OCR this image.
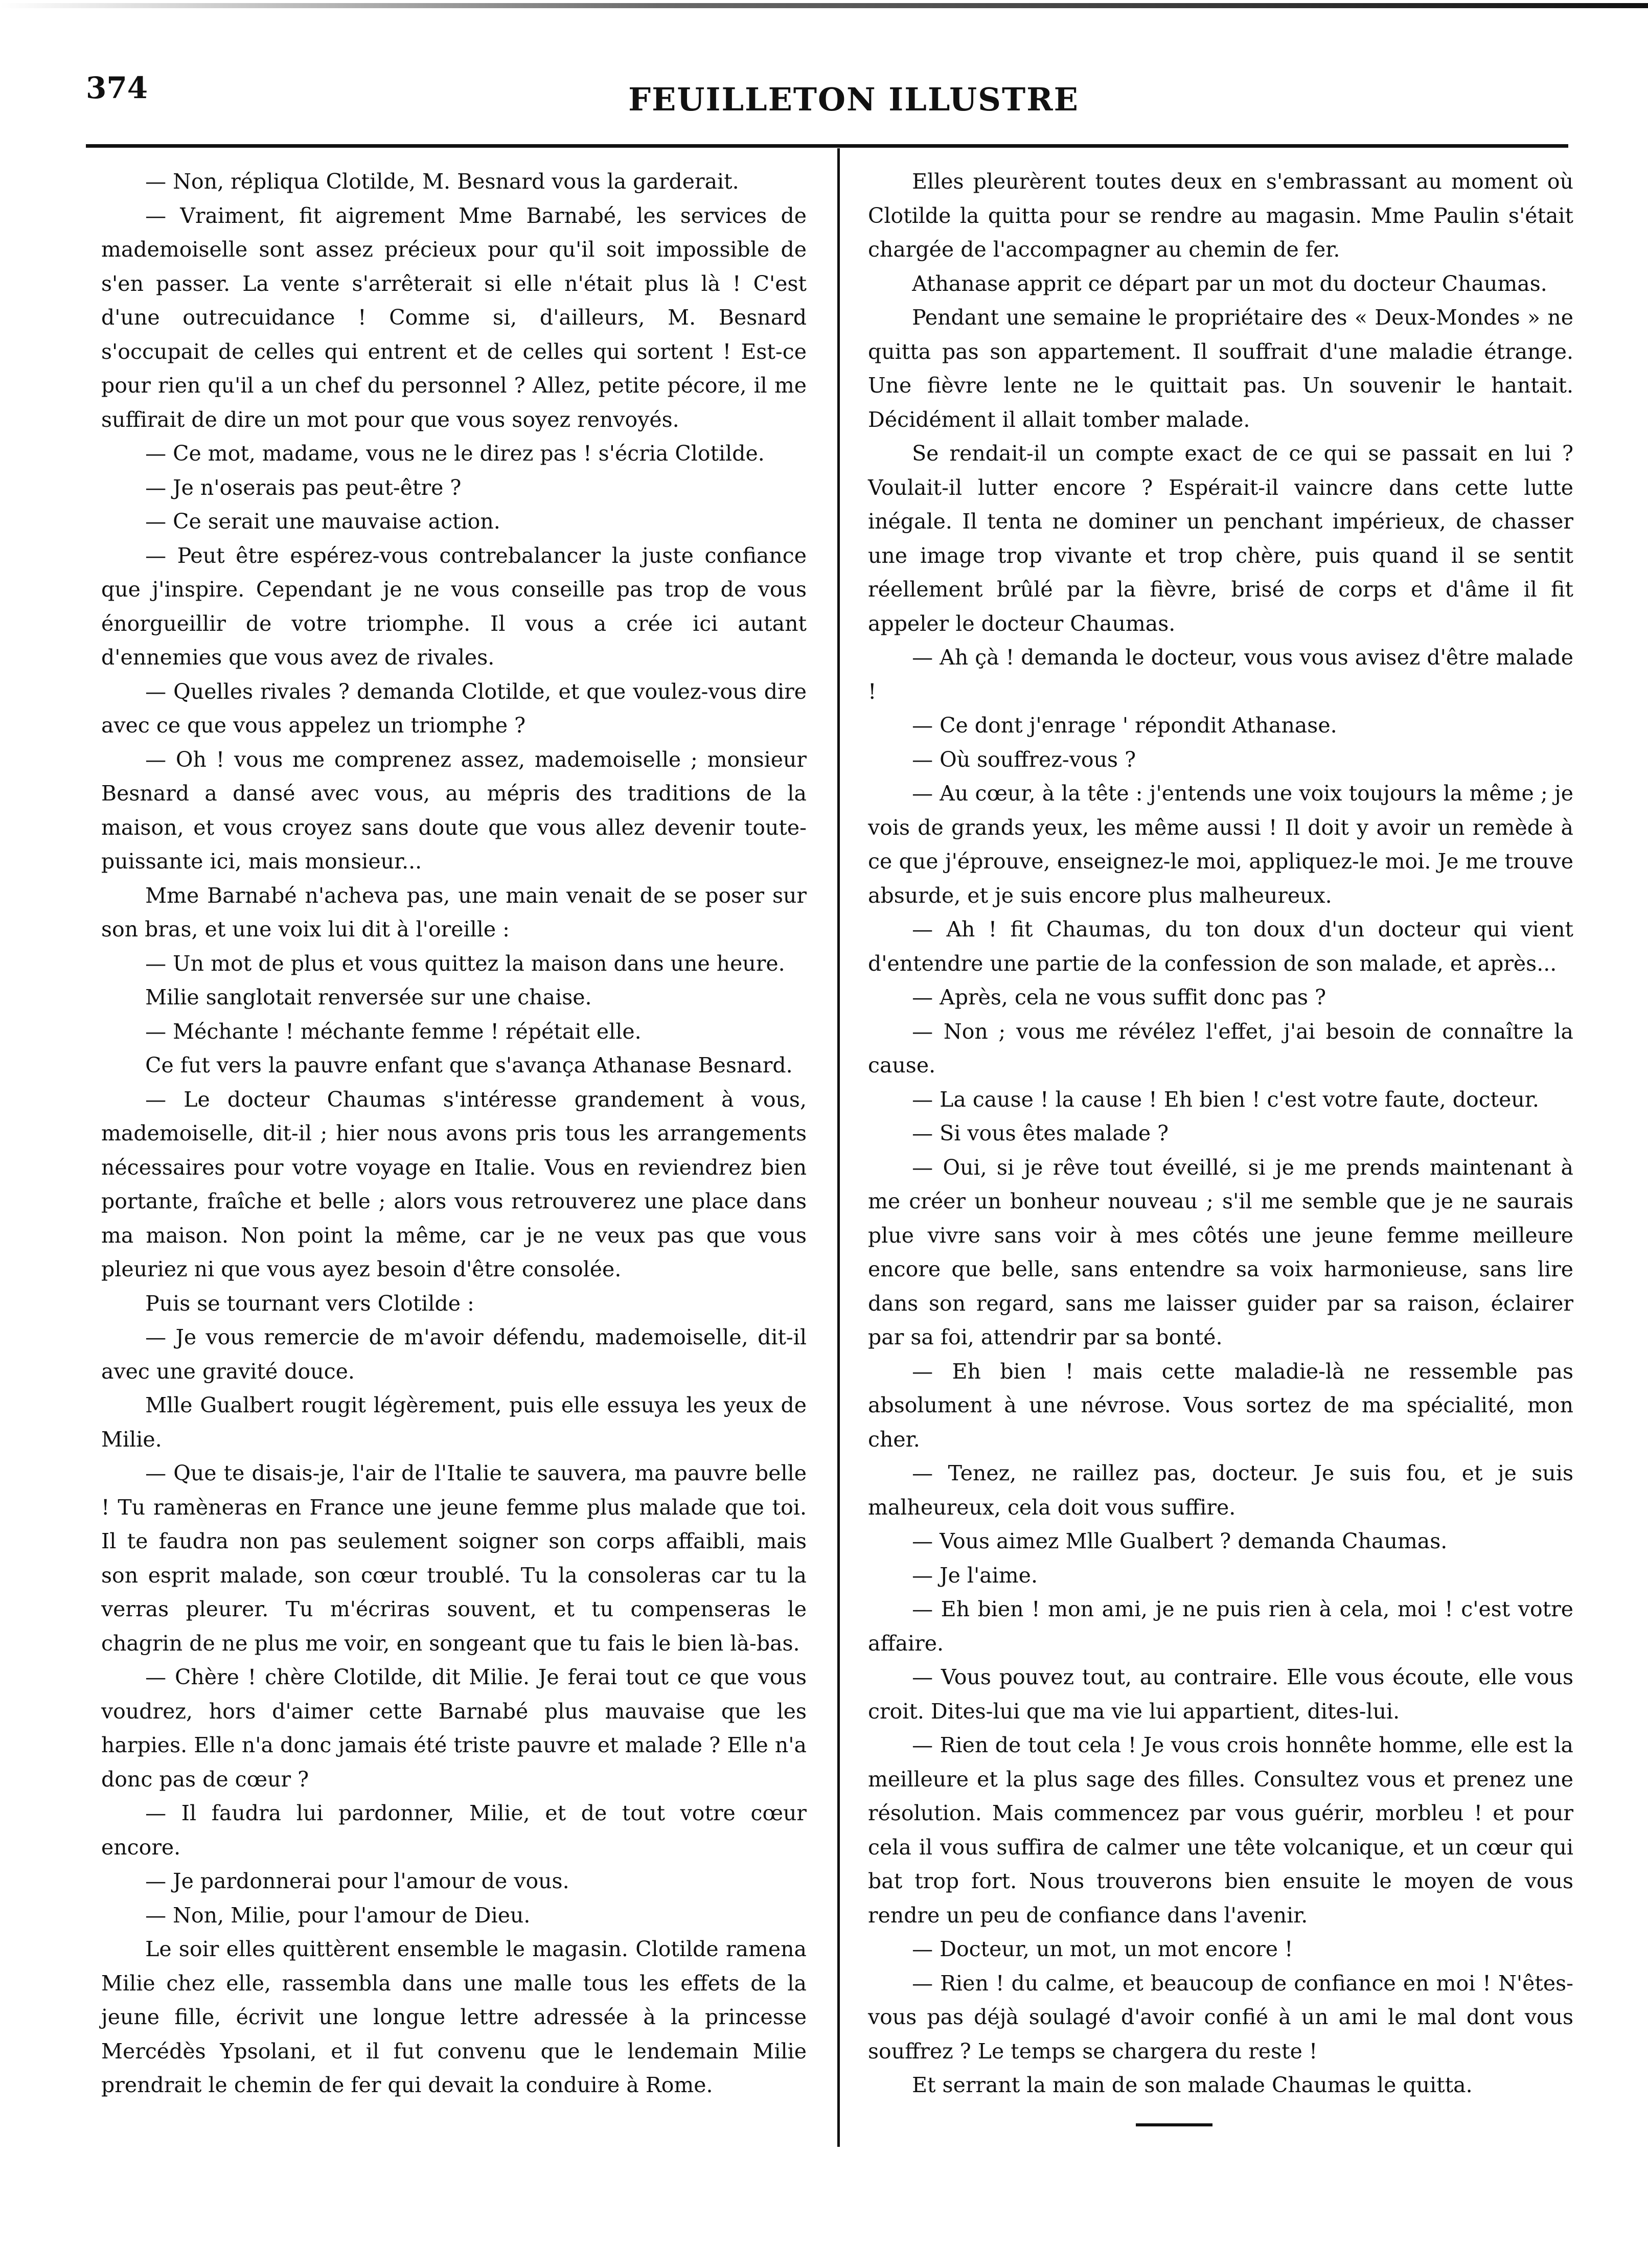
374	FEUILLETON ILLUSTRE

— Non, répliqua Clotilde, M. Besnard vous la garderait.

— Vraiment, fit aigrement Mme Barnabé, les services de mademoiselle sont assez précieux pour qu'il soit impossible de s'en passer. La vente s'arrêterait si elle n'était plus là ! C'est d'une outrecuidance ! Comme si, d'ailleurs, M. Besnard s'occupait de celles qui entrent et de celles qui sortent ! Est-ce pour rien qu'il a un chef du personnel ? Allez, petite pécore, il me suffirait de dire un mot pour que vous soyez renvoyés.

— Ce mot, madame, vous ne le direz pas ! s'écria Clotilde.

— Je n'oserais pas peut-être ?

— Ce serait une mauvaise action.

— Peut être espérez-vous contrebalancer la juste confiance que j'inspire. Cependant je ne vous conseille pas trop de vous énorgueillir de votre triomphe. Il vous a crée ici autant d'ennemies que vous avez de rivales.

— Quelles rivales ? demanda Clotilde, et que voulez-vous dire avec ce que vous appelez un triomphe ?

— Oh ! vous me comprenez assez, mademoiselle ; monsieur Besnard a dansé avec vous, au mépris des traditions de la maison, et vous croyez sans doute que vous allez devenir toute-puissante ici, mais monsieur...

Mme Barnabé n'acheva pas, une main venait de se poser sur son bras, et une voix lui dit à l'oreille :

— Un mot de plus et vous quittez la maison dans une heure.

Milie sanglotait renversée sur une chaise.

— Méchante ! méchante femme ! répétait elle.

Ce fut vers la pauvre enfant que s'avança Athanase Besnard.

— Le docteur Chaumas s'intéresse grandement à vous, mademoiselle, dit-il ; hier nous avons pris tous les arrangements nécessaires pour votre voyage en Italie. Vous en reviendrez bien portante, fraîche et belle ; alors vous retrouverez une place dans ma maison. Non point la même, car je ne veux pas que vous pleuriez ni que vous ayez besoin d'être consolée.

Puis se tournant vers Clotilde :

— Je vous remercie de m'avoir défendu, mademoiselle, dit-il avec une gravité douce.

Mlle Gualbert rougit légèrement, puis elle essuya les yeux de Milie.

— Que te disais-je, l'air de l'Italie te sauvera, ma pauvre belle ! Tu ramèneras en France une jeune femme plus malade que toi. Il te faudra non pas seulement soigner son corps affaibli, mais son esprit malade, son cœur troublé. Tu la consoleras car tu la verras pleurer. Tu m'écriras souvent, et tu compenseras le chagrin de ne plus me voir, en songeant que tu fais le bien là-bas.

— Chère ! chère Clotilde, dit Milie. Je ferai tout ce que vous voudrez, hors d'aimer cette Barnabé plus mauvaise que les harpies. Elle n'a donc jamais été triste pauvre et malade ? Elle n'a donc pas de cœur ?

— Il faudra lui pardonner, Milie, et de tout votre cœur encore.

— Je pardonnerai pour l'amour de vous.

— Non, Milie, pour l'amour de Dieu.

Le soir elles quittèrent ensemble le magasin. Clotilde ramena Milie chez elle, rassembla dans une malle tous les effets de la jeune fille, écrivit une longue lettre adressée à la princesse Mercédès Ypsolani, et il fut convenu que le lendemain Milie prendrait le chemin de fer qui devait la conduire à Rome.

Elles pleurèrent toutes deux en s'embrassant au moment où Clotilde la quitta pour se rendre au magasin. Mme Paulin s'était chargée de l'accompagner au chemin de fer.

Athanase apprit ce départ par un mot du docteur Chaumas.

Pendant une semaine le propriétaire des « Deux-Mondes » ne quitta pas son appartement. Il souffrait d'une maladie étrange. Une fièvre lente ne le quittait pas. Un souvenir le hantait. Décidément il allait tomber malade.

Se rendait-il un compte exact de ce qui se passait en lui ? Voulait-il lutter encore ? Espérait-il vaincre dans cette lutte inégale. Il tenta ne dominer un penchant impérieux, de chasser une image trop vivante et trop chère, puis quand il se sentit réellement brûlé par la fièvre, brisé de corps et d'âme il fit appeler le docteur Chaumas.

— Ah çà ! demanda le docteur, vous vous avisez d'être malade !

— Ce dont j'enrage ' répondit Athanase.

— Où souffrez-vous ?

— Au cœur, à la tête : j'entends une voix toujours la même ; je vois de grands yeux, les même aussi ! Il doit y avoir un remède à ce que j'éprouve, enseignez-le moi, appliquez-le moi. Je me trouve absurde, et je suis encore plus malheureux.

— Ah ! fit Chaumas, du ton doux d'un docteur qui vient d'entendre une partie de la confession de son malade, et après...

— Après, cela ne vous suffit donc pas ?

— Non ; vous me révélez l'effet, j'ai besoin de connaître la cause.

— La cause ! la cause ! Eh bien ! c'est votre faute, docteur.

— Si vous êtes malade ?

— Oui, si je rêve tout éveillé, si je me prends maintenant à me créer un bonheur nouveau ; s'il me semble que je ne saurais plue vivre sans voir à mes côtés une jeune femme meilleure encore que belle, sans entendre sa voix harmonieuse, sans lire dans son regard, sans me laisser guider par sa raison, éclairer par sa foi, attendrir par sa bonté.

— Eh bien ! mais cette maladie-là ne ressemble pas absolument à une névrose. Vous sortez de ma spécialité, mon cher.

— Tenez, ne raillez pas, docteur. Je suis fou, et je suis malheureux, cela doit vous suffire.

— Vous aimez Mlle Gualbert ? demanda Chaumas.

— Je l'aime.

— Eh bien ! mon ami, je ne puis rien à cela, moi ! c'est votre affaire.

— Vous pouvez tout, au contraire. Elle vous écoute, elle vous croit. Dites-lui que ma vie lui appartient, dites-lui.

— Rien de tout cela ! Je vous crois honnête homme, elle est la meilleure et la plus sage des filles. Consultez vous et prenez une résolution. Mais commencez par vous guérir, morbleu ! et pour cela il vous suffira de calmer une tête volcanique, et un cœur qui bat trop fort. Nous trouverons bien ensuite le moyen de vous rendre un peu de confiance dans l'avenir.

— Docteur, un mot, un mot encore !

— Rien ! du calme, et beaucoup de confiance en moi ! N'êtes-vous pas déjà soulagé d'avoir confié à un ami le mal dont vous souffrez ? Le temps se chargera du reste !

Et serrant la main de son malade Chaumas le quitta.
